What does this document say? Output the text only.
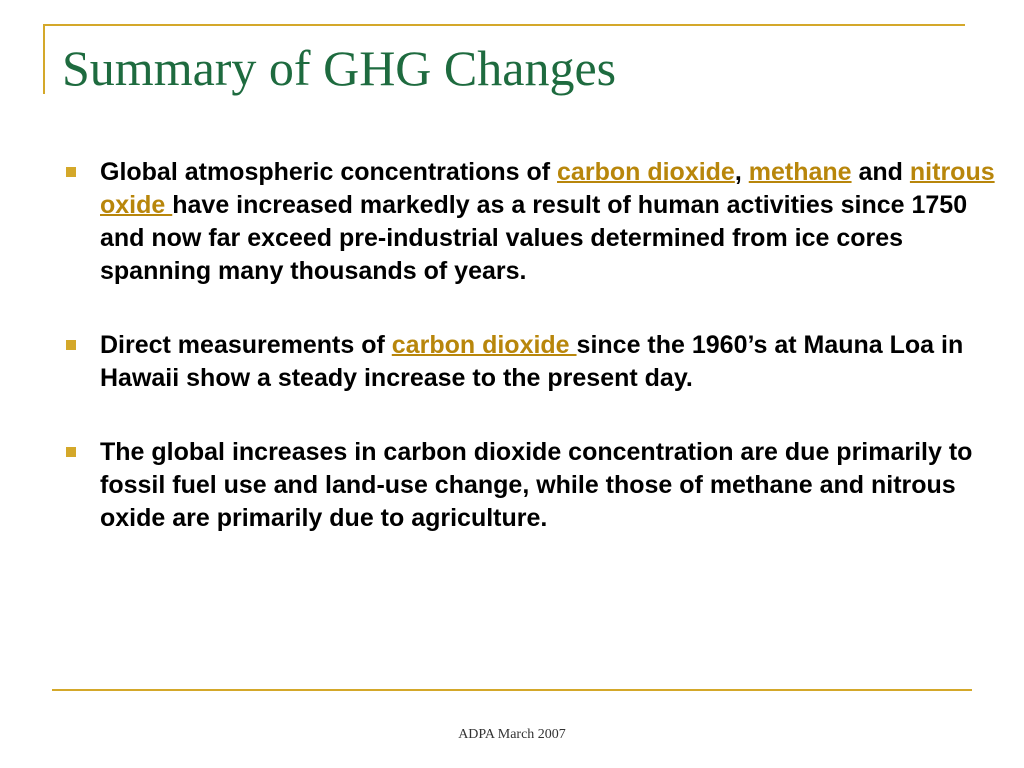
Summary of GHG Changes
Global atmospheric concentrations of carbon dioxide, methane and nitrous oxide have increased markedly as a result of human activities since 1750 and now far exceed pre-industrial values determined from ice cores spanning many thousands of years.
Direct measurements of carbon dioxide since the 1960’s at Mauna Loa in Hawaii show a steady increase to the present day.
The global increases in carbon dioxide concentration are due primarily to fossil fuel use and land-use change, while those of methane and nitrous oxide are primarily due to agriculture.
ADPA March 2007
